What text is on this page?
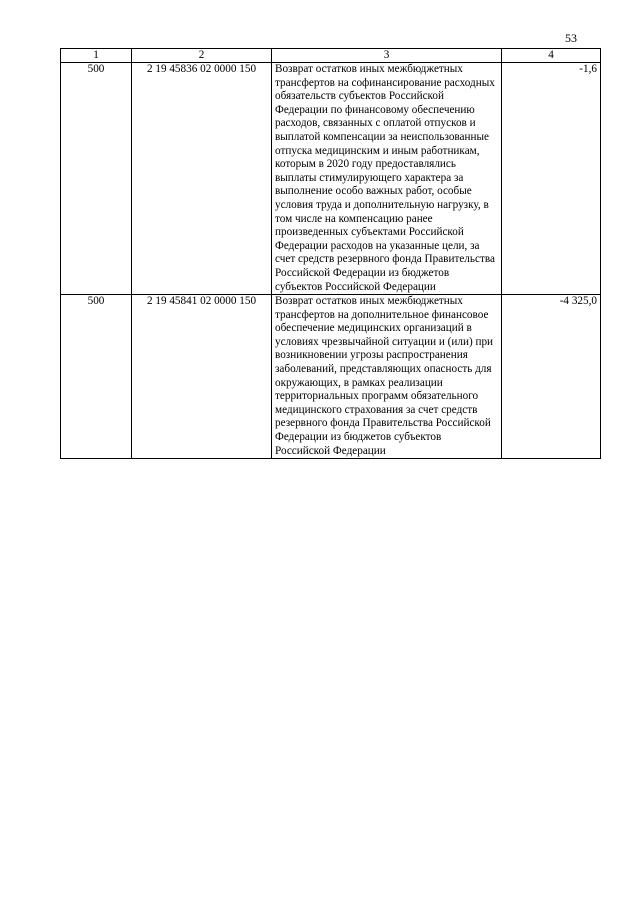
53
1	2	3	4
500	2 19 45836 02 0000 150	Возврат остатков иных межбюджетных трансфертов на софинансирование расходных обязательств субъектов Российской Федерации по финансовому обеспечению расходов, связанных с оплатой отпусков и выплатой компенсации за неиспользованные отпуска медицинским и иным работникам, которым в 2020 году предоставлялись выплаты стимулирующего характера за выполнение особо важных работ, особые условия труда и дополнительную нагрузку, в том числе на компенсацию ранее произведенных субъектами Российской Федерации расходов на указанные цели, за счет средств резервного фонда Правительства Российской Федерации из бюджетов субъектов Российской Федерации	-1,6
500	2 19 45841 02 0000 150	Возврат остатков иных межбюджетных трансфертов на дополнительное финансовое обеспечение медицинских организаций в условиях чрезвычайной ситуации и (или) при возникновении угрозы распространения заболеваний, представляющих опасность для окружающих, в рамках реализации территориальных программ обязательного медицинского страхования за счет средств резервного фонда Правительства Российской Федерации из бюджетов субъектов Российской Федерации	-4 325,0
